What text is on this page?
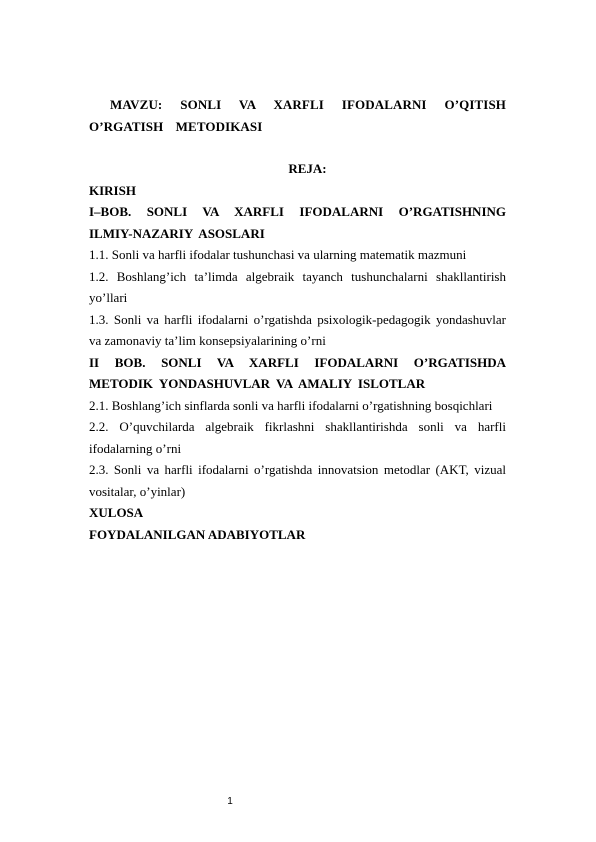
MAVZU: SONLI VA XARFLI IFODALARNI O’QITISH O’RGATISH METODIKASI

REJA:

KIRISH

I–BOB. SONLI VA XARFLI IFODALARNI O’RGATISHNING ILMIY-NAZARIY ASOSLARI

1.1. Sonli va harfli ifodalar tushunchasi va ularning matematik mazmuni

1.2. Boshlang’ich ta’limda algebraik tayanch tushunchalarni shakllantirish yo’llari

1.3. Sonli va harfli ifodalarni o’rgatishda psixologik-pedagogik yondashuvlar va zamonaviy ta’lim konsepsiyalarining o’rni

II BOB. SONLI VA XARFLI IFODALARNI O’RGATISHDA METODIK YONDASHUVLAR VA AMALIY ISLOTLAR

2.1. Boshlang’ich sinflarda sonli va harfli ifodalarni o’rgatishning bosqichlari

2.2. O’quvchilarda algebraik fikrlashni shakllantirishda sonli va harfli ifodalarning o’rni

2.3. Sonli va harfli ifodalarni o’rgatishda innovatsion metodlar (AKT, vizual vositalar, o’yinlar)

XULOSA

FOYDALANILGAN ADABIYOTLAR

1
